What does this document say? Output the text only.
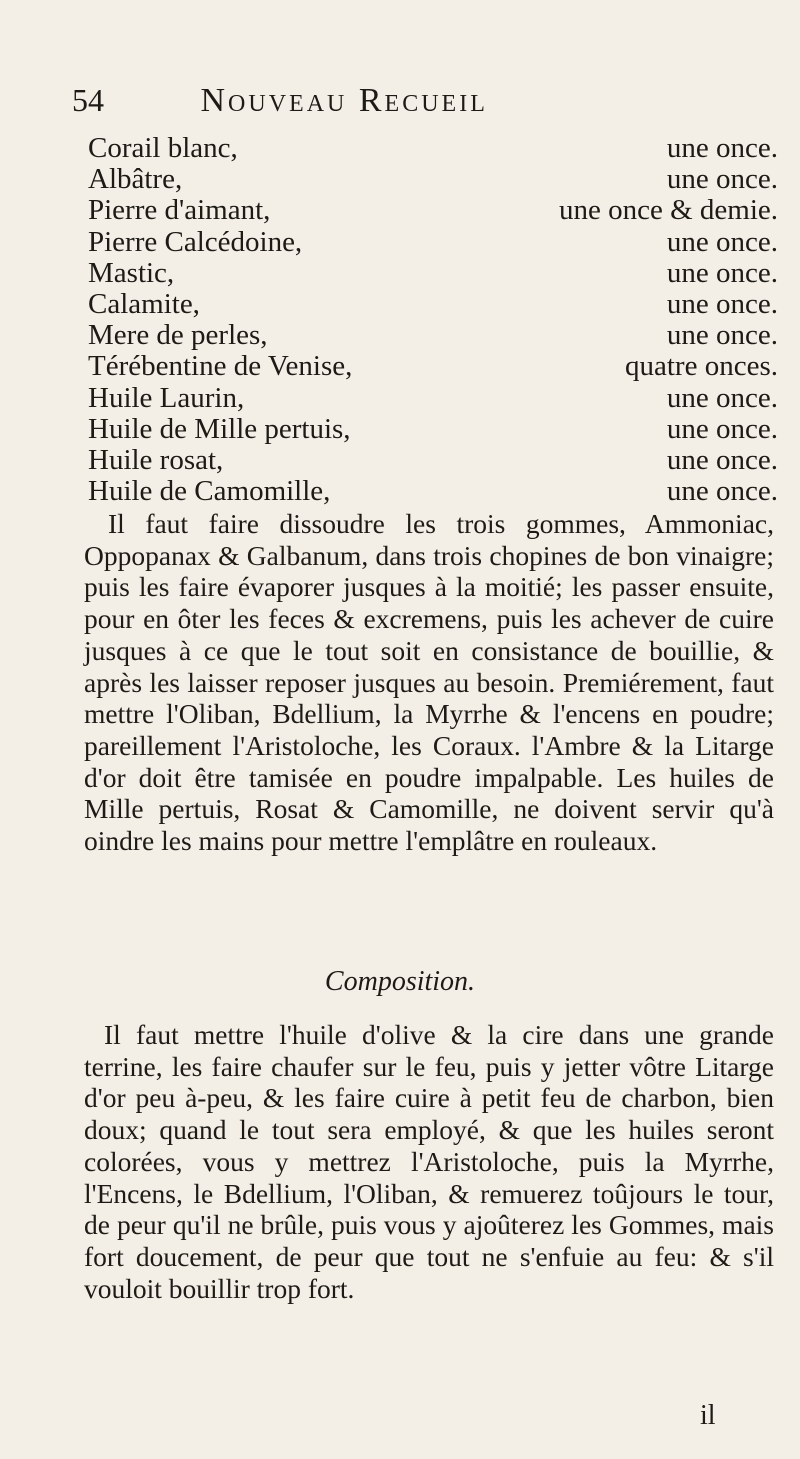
54	Nouveau Recueil
Corail blanc,	une once.
Albâtre,	une once.
Pierre d'aimant,	une once & demie.
Pierre Calcédoine,	une once.
Mastic,	une once.
Calamite,	une once.
Mere de perles,	une once.
Térébentine de Venise,	quatre onces.
Huile Laurin,	une once.
Huile de Mille pertuis,	une once.
Huile rosat,	une once.
Huile de Camomille,	une once.

Il faut faire dissoudre les trois gommes, Ammoniac, Oppopanax & Galbanum, dans trois chopines de bon vinaigre; puis les faire évaporer jusques à la moitié; les passer ensuite, pour en ôter les feces & excremens, puis les achever de cuire jusques à ce que le tout soit en consistance de bouillie, & après les laisser reposer jusques au besoin. Premiérement, faut mettre l'Oliban, Bdellium, la Myrrhe & l'encens en poudre; pareillement l'Aristoloche, les Coraux. l'Ambre & la Litarge d'or doit être tamisée en poudre impalpable. Les huiles de Mille pertuis, Rosat & Camomille, ne doivent servir qu'à oindre les mains pour mettre l'emplâtre en rouleaux.

Composition.

Il faut mettre l'huile d'olive & la cire dans une grande terrine, les faire chaufer sur le feu, puis y jetter vôtre Litarge d'or peu à-peu, & les faire cuire à petit feu de charbon, bien doux; quand le tout sera employé, & que les huiles seront colorées, vous y mettrez l'Aristoloche, puis la Myrrhe, l'Encens, le Bdellium, l'Oliban, & remuerez toûjours le tour, de peur qu'il ne brûle, puis vous y ajoûterez les Gommes, mais fort doucement, de peur que tout ne s'enfuie au feu: & s'il vouloit bouillir trop fort.

il
